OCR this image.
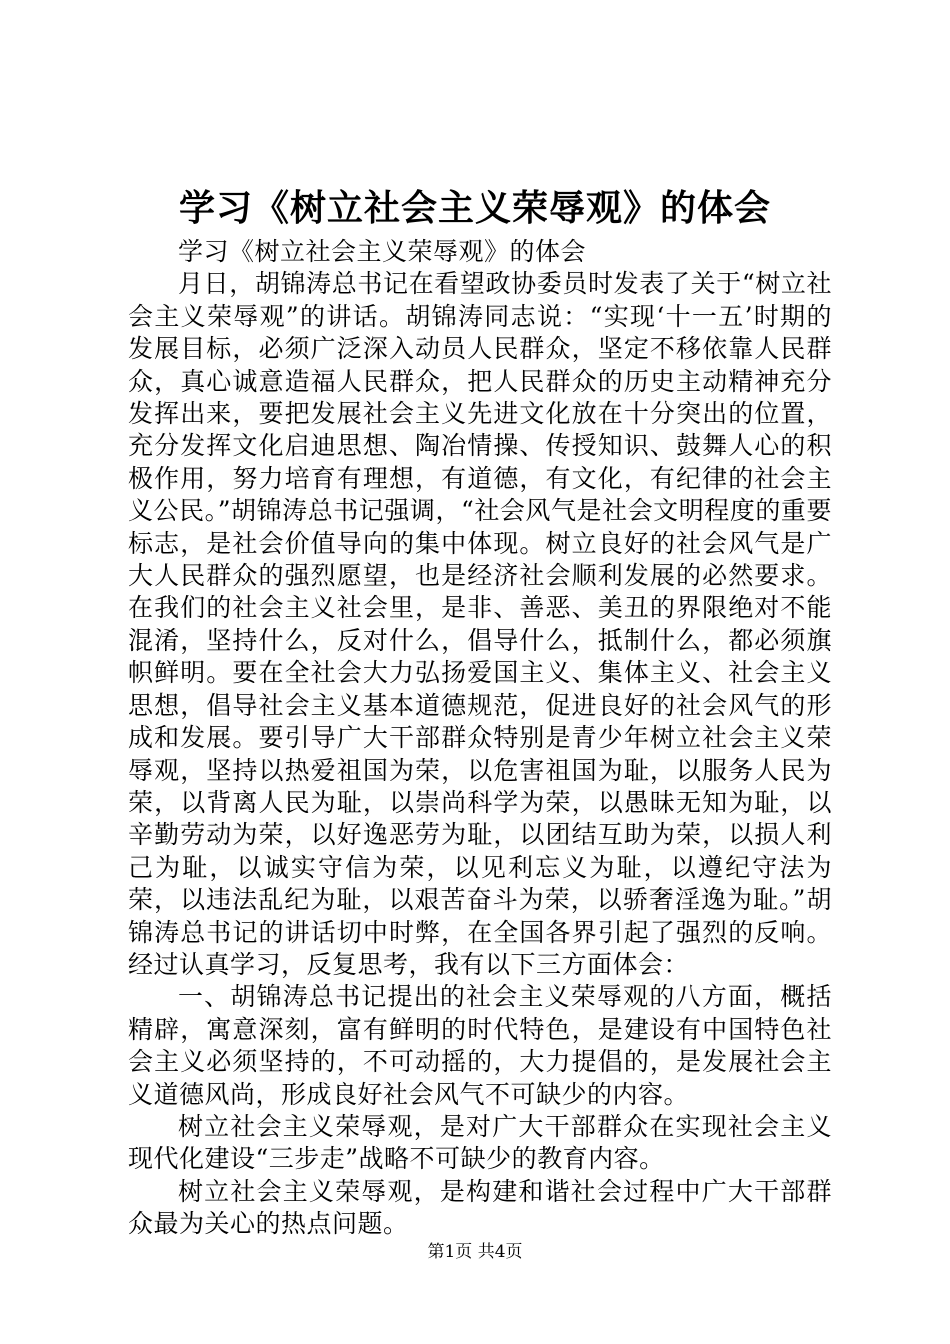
学习《树立社会主义荣辱观》的体会

学习《树立社会主义荣辱观》的体会

月日，胡锦涛总书记在看望政协委员时发表了关于“树立社会主义荣辱观”的讲话。胡锦涛同志说：“实现‘十一五’时期的发展目标，必须广泛深入动员人民群众，坚定不移依靠人民群众，真心诚意造福人民群众，把人民群众的历史主动精神充分发挥出来，要把发展社会主义先进文化放在十分突出的位置，充分发挥文化启迪思想、陶冶情操、传授知识、鼓舞人心的积极作用，努力培育有理想，有道德，有文化，有纪律的社会主义公民。”胡锦涛总书记强调，“社会风气是社会文明程度的重要标志，是社会价值导向的集中体现。树立良好的社会风气是广大人民群众的强烈愿望，也是经济社会顺利发展的必然要求。在我们的社会主义社会里，是非、善恶、美丑的界限绝对不能混淆，坚持什么，反对什么，倡导什么，抵制什么，都必须旗帜鲜明。要在全社会大力弘扬爱国主义、集体主义、社会主义思想，倡导社会主义基本道德规范，促进良好的社会风气的形成和发展。要引导广大干部群众特别是青少年树立社会主义荣辱观，坚持以热爱祖国为荣，以危害祖国为耻，以服务人民为荣，以背离人民为耻，以崇尚科学为荣，以愚昧无知为耻，以辛勤劳动为荣，以好逸恶劳为耻，以团结互助为荣，以损人利己为耻，以诚实守信为荣，以见利忘义为耻，以遵纪守法为荣，以违法乱纪为耻，以艰苦奋斗为荣，以骄奢淫逸为耻。”胡锦涛总书记的讲话切中时弊，在全国各界引起了强烈的反响。经过认真学习，反复思考，我有以下三方面体会：

一、胡锦涛总书记提出的社会主义荣辱观的八方面，概括精辟，寓意深刻，富有鲜明的时代特色，是建设有中国特色社会主义必须坚持的，不可动摇的，大力提倡的，是发展社会主义道德风尚，形成良好社会风气不可缺少的内容。

树立社会主义荣辱观，是对广大干部群众在实现社会主义现代化建设“三步走”战略不可缺少的教育内容。

树立社会主义荣辱观，是构建和谐社会过程中广大干部群众最为关心的热点问题。

第1页 共4页
